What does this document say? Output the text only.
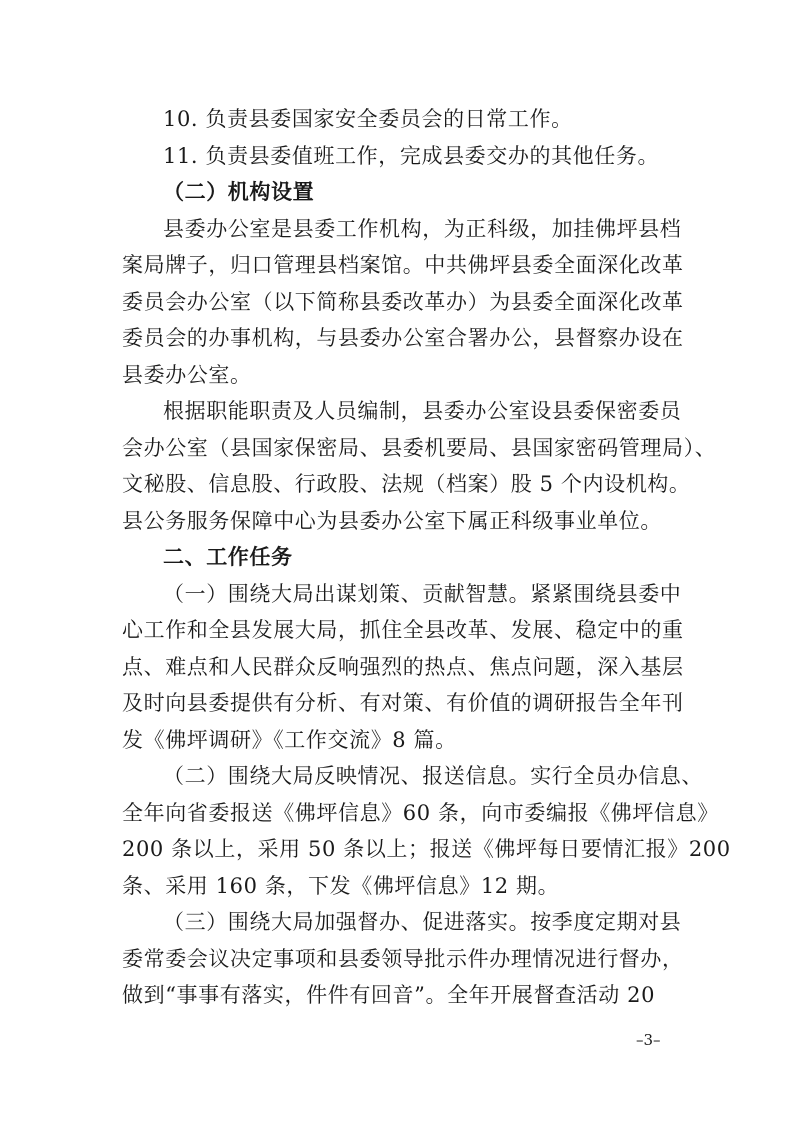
10. 负责县委国家安全委员会的日常工作。
11. 负责县委值班工作，完成县委交办的其他任务。
（二）机构设置
县委办公室是县委工作机构，为正科级，加挂佛坪县档
案局牌子，归口管理县档案馆。中共佛坪县委全面深化改革
委员会办公室（以下简称县委改革办）为县委全面深化改革
委员会的办事机构，与县委办公室合署办公，县督察办设在
县委办公室。
根据职能职责及人员编制，县委办公室设县委保密委员
会办公室（县国家保密局、县委机要局、县国家密码管理局）、
文秘股、信息股、行政股、法规（档案）股 5 个内设机构。
县公务服务保障中心为县委办公室下属正科级事业单位。
二、工作任务
（一）围绕大局出谋划策、贡献智慧。紧紧围绕县委中
心工作和全县发展大局，抓住全县改革、发展、稳定中的重
点、难点和人民群众反响强烈的热点、焦点问题，深入基层
及时向县委提供有分析、有对策、有价值的调研报告全年刊
发《佛坪调研》《工作交流》8 篇。
（二）围绕大局反映情况、报送信息。实行全员办信息、
全年向省委报送《佛坪信息》60 条，向市委编报《佛坪信息》
200 条以上，采用 50 条以上；报送《佛坪每日要情汇报》200
条、采用 160 条，下发《佛坪信息》12 期。
（三）围绕大局加强督办、促进落实。按季度定期对县
委常委会议决定事项和县委领导批示件办理情况进行督办，
做到“事事有落实，件件有回音”。全年开展督查活动 20
–3–
